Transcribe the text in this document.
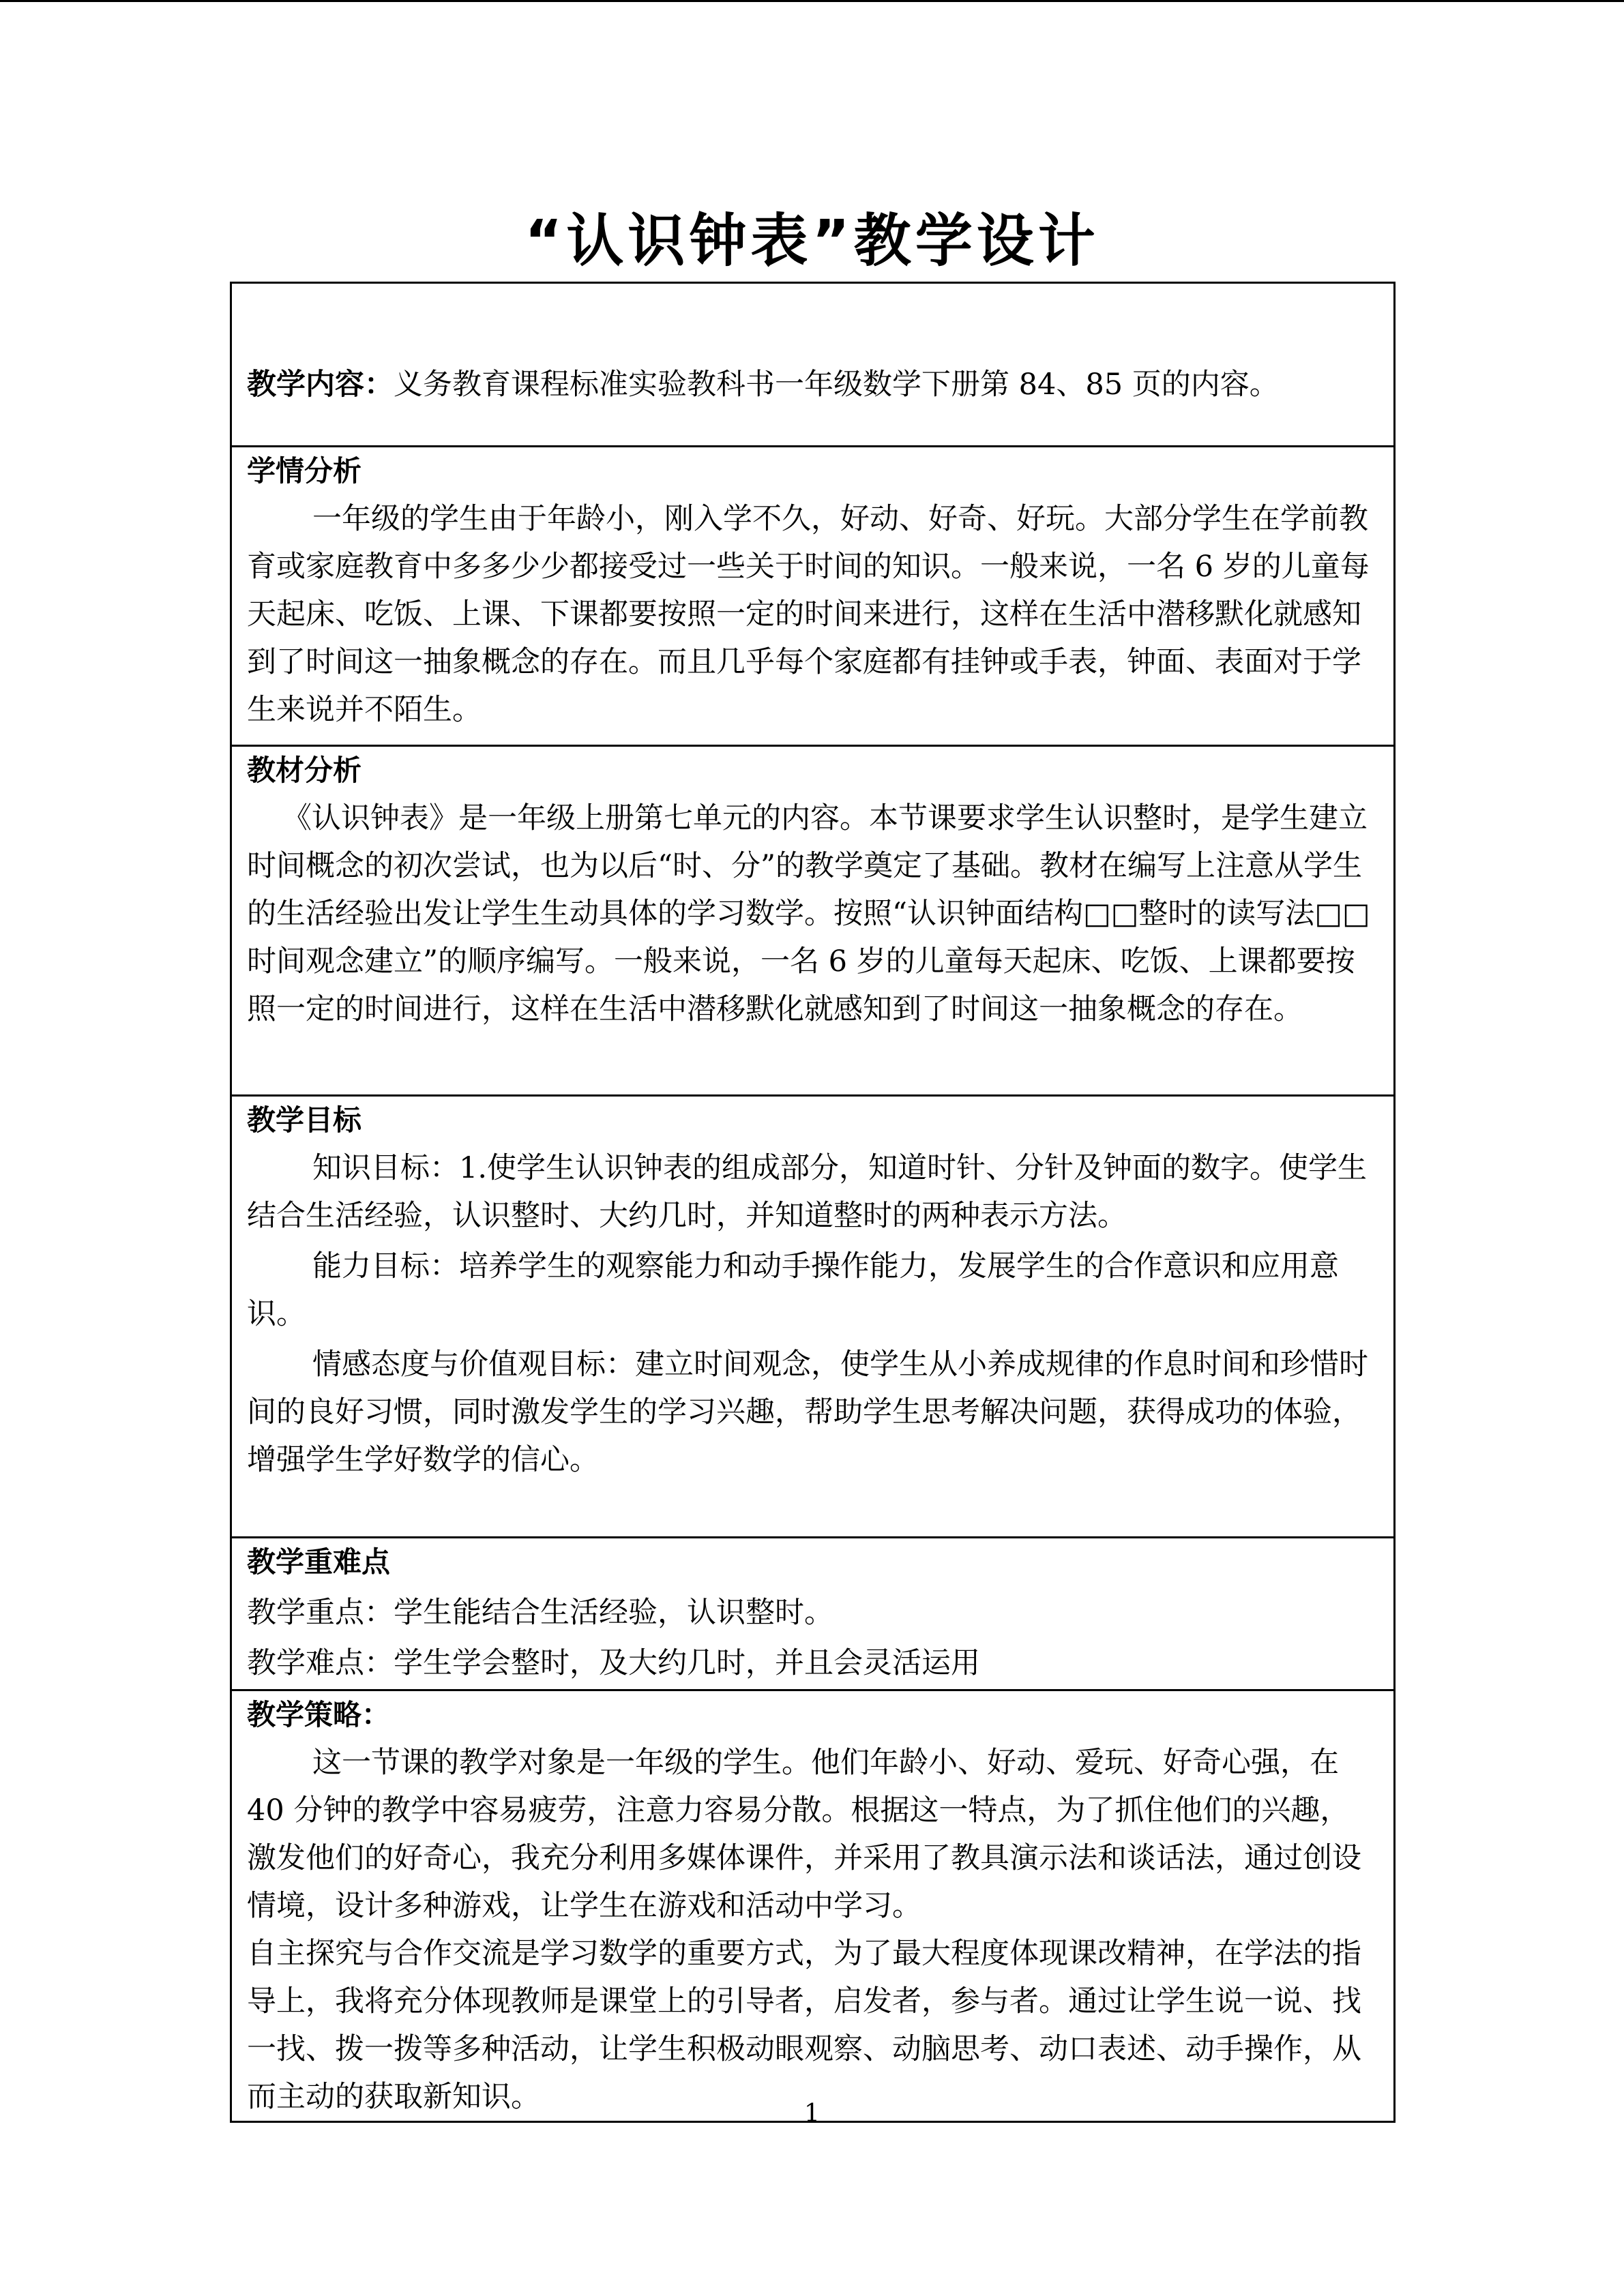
“认识钟表”教学设计
教学内容：义务教育课程标准实验教科书一年级数学下册第 84、85 页的内容。

学情分析

一年级的学生由于年龄小，刚入学不久，好动、好奇、好玩。大部分学生在学前教育或家庭教育中多多少少都接受过一些关于时间的知识。一般来说，一名 6 岁的儿童每天起床、吃饭、上课、下课都要按照一定的时间来进行，这样在生活中潜移默化就感知到了时间这一抽象概念的存在。而且几乎每个家庭都有挂钟或手表，钟面、表面对于学生来说并不陌生。

教材分析

《认识钟表》是一年级上册第七单元的内容。本节课要求学生认识整时，是学生建立时间概念的初次尝试，也为以后“时、分”的教学奠定了基础。教材在编写上注意从学生的生活经验出发让学生生动具体的学习数学。按照“认识钟面结构□□整时的读写法□□时间观念建立”的顺序编写。一般来说，一名 6 岁的儿童每天起床、吃饭、上课都要按照一定的时间进行，这样在生活中潜移默化就感知到了时间这一抽象概念的存在。

教学目标

知识目标：1.使学生认识钟表的组成部分，知道时针、分针及钟面的数字。使学生结合生活经验，认识整时、大约几时，并知道整时的两种表示方法。

能力目标：培养学生的观察能力和动手操作能力，发展学生的合作意识和应用意识。

情感态度与价值观目标：建立时间观念，使学生从小养成规律的作息时间和珍惜时间的良好习惯，同时激发学生的学习兴趣，帮助学生思考解决问题，获得成功的体验，增强学生学好数学的信心。

教学重难点

教学重点：学生能结合生活经验，认识整时。

教学难点：学生学会整时，及大约几时，并且会灵活运用

教学策略：

这一节课的教学对象是一年级的学生。他们年龄小、好动、爱玩、好奇心强，在 40 分钟的教学中容易疲劳，注意力容易分散。根据这一特点，为了抓住他们的兴趣，激发他们的好奇心，我充分利用多媒体课件，并采用了教具演示法和谈话法，通过创设情境，设计多种游戏，让学生在游戏和活动中学习。

自主探究与合作交流是学习数学的重要方式，为了最大程度体现课改精神，在学法的指导上，我将充分体现教师是课堂上的引导者，启发者，参与者。通过让学生说一说、找一找、拨一拨等多种活动，让学生积极动眼观察、动脑思考、动口表述、动手操作，从而主动的获取新知识。	1
